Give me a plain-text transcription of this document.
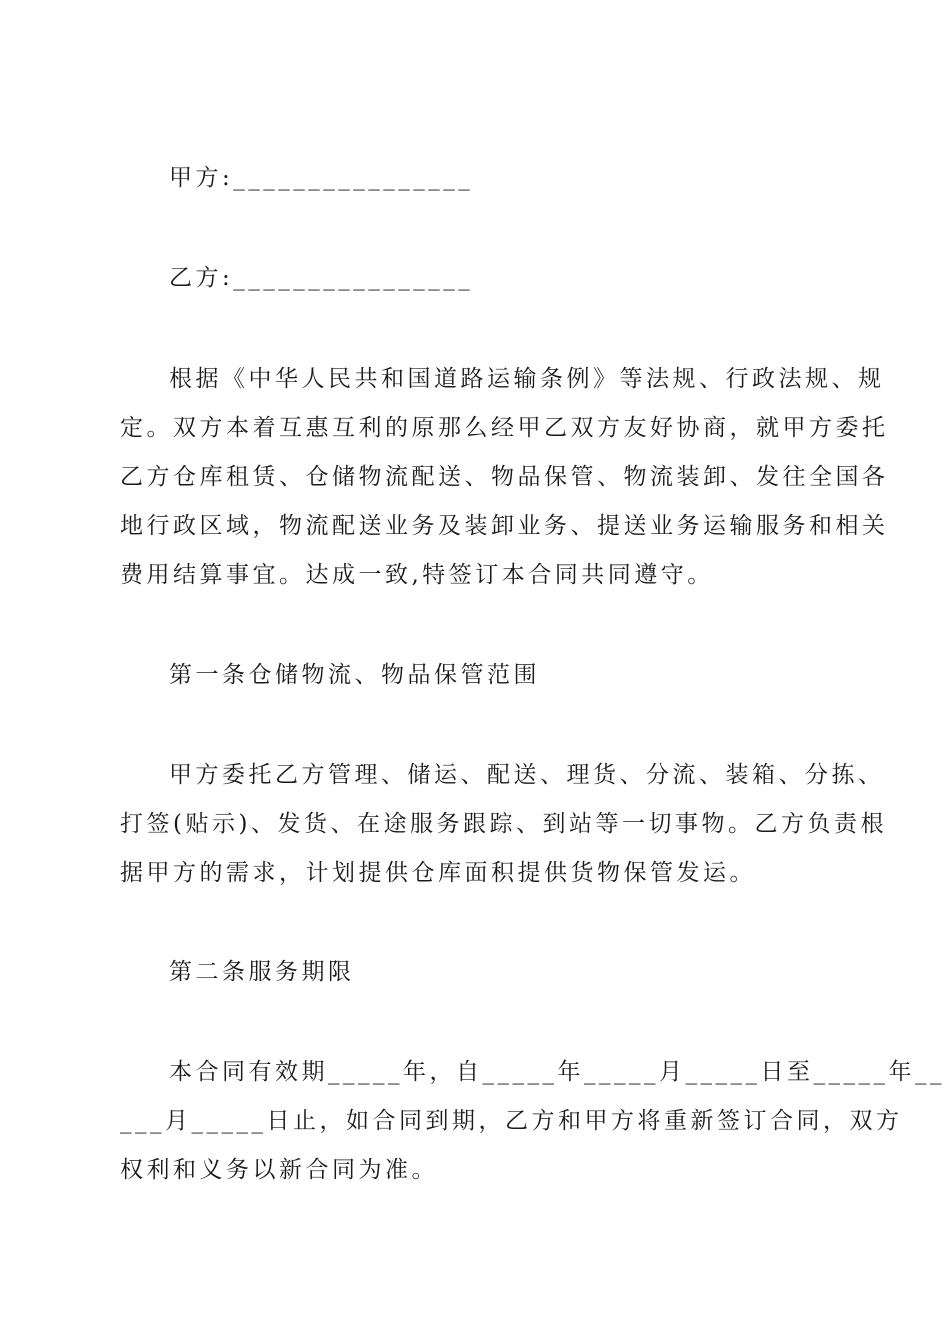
甲方:________________
乙方:________________
根据《中华人民共和国道路运输条例》等法规、行政法规、规
定。双方本着互惠互利的原那么经甲乙双方友好协商，就甲方委托
乙方仓库租赁、仓储物流配送、物品保管、物流装卸、发往全国各
地行政区域，物流配送业务及装卸业务、提送业务运输服务和相关
费用结算事宜。达成一致,特签订本合同共同遵守。
第一条仓储物流、物品保管范围
甲方委托乙方管理、储运、配送、理货、分流、装箱、分拣、
打签(贴示)、发货、在途服务跟踪、到站等一切事物。乙方负责根
据甲方的需求，计划提供仓库面积提供货物保管发运。
第二条服务期限
本合同有效期_____年，自_____年_____月_____日至_____年__
___月_____日止，如合同到期，乙方和甲方将重新签订合同，双方
权利和义务以新合同为准。
